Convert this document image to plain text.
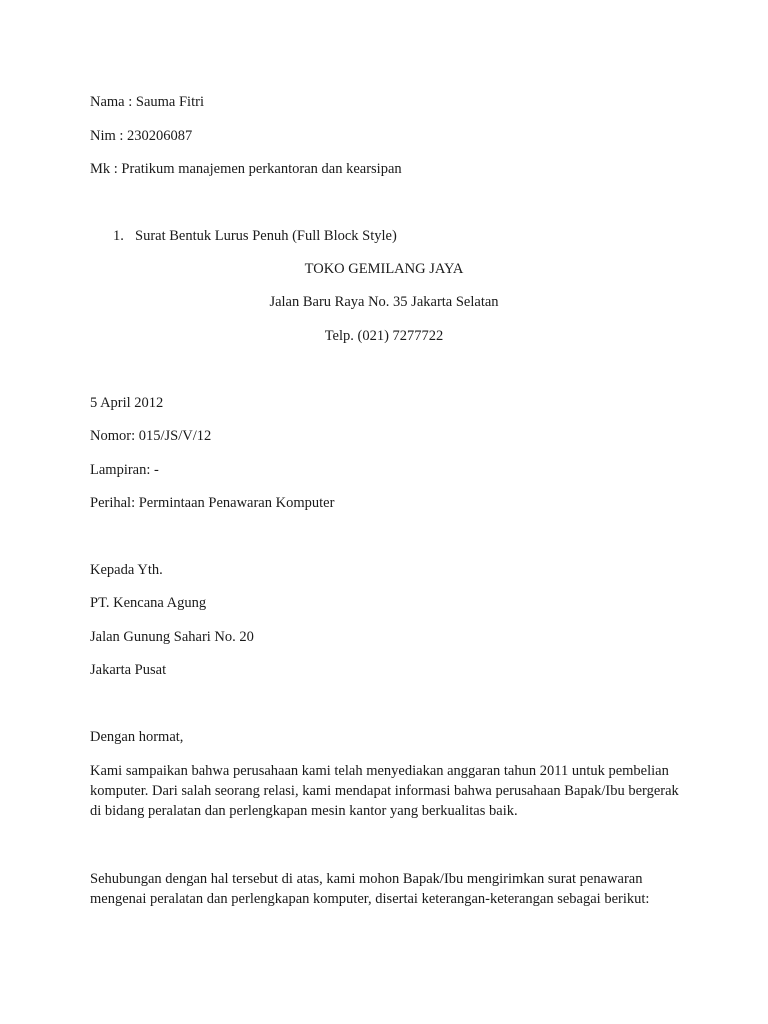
Nama : Sauma Fitri
Nim : 230206087
Mk : Pratikum manajemen perkantoran dan kearsipan
1. Surat Bentuk Lurus Penuh (Full Block Style)
TOKO GEMILANG JAYA
Jalan Baru Raya No. 35 Jakarta Selatan
Telp. (021) 7277722
5 April 2012
Nomor: 015/JS/V/12
Lampiran: -
Perihal: Permintaan Penawaran Komputer
Kepada Yth.
PT. Kencana Agung
Jalan Gunung Sahari No. 20
Jakarta Pusat
Dengan hormat,
Kami sampaikan bahwa perusahaan kami telah menyediakan anggaran tahun 2011 untuk pembelian komputer. Dari salah seorang relasi, kami mendapat informasi bahwa perusahaan Bapak/Ibu bergerak di bidang peralatan dan perlengkapan mesin kantor yang berkualitas baik.
Sehubungan dengan hal tersebut di atas, kami mohon Bapak/Ibu mengirimkan surat penawaran mengenai peralatan dan perlengkapan komputer, disertai keterangan-keterangan sebagai berikut:
